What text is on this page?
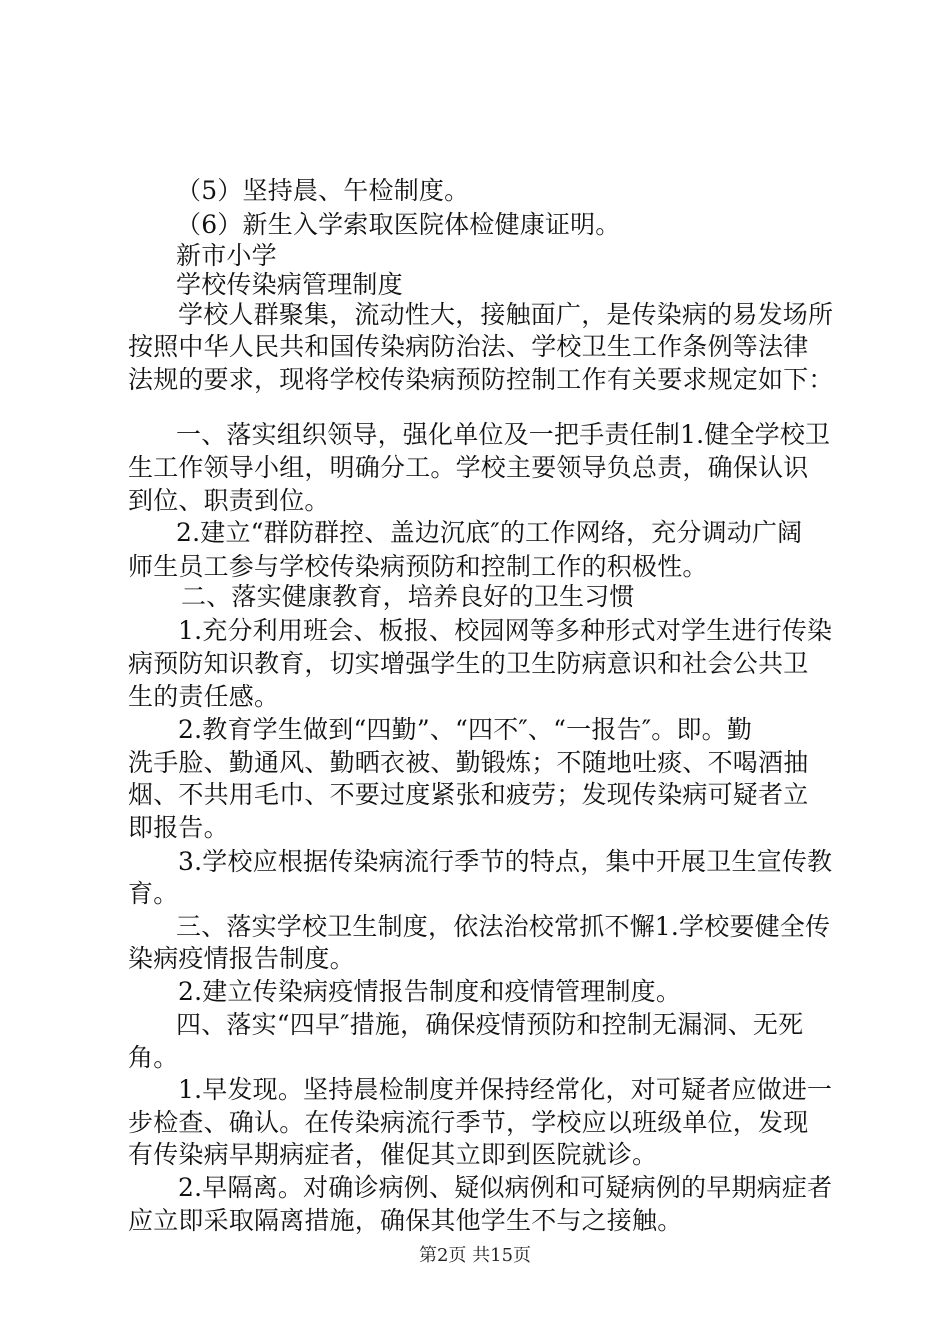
（5）坚持晨、午检制度。
（6）新生入学索取医院体检健康证明。
新市小学
学校传染病管理制度
学校人群聚集，流动性大，接触面广，是传染病的易发场所
按照中华人民共和国传染病防治法、学校卫生工作条例等法律
法规的要求，现将学校传染病预防控制工作有关要求规定如下：
一、落实组织领导，强化单位及一把手责任制1.健全学校卫
生工作领导小组，明确分工。学校主要领导负总责，确保认识
到位、职责到位。
2.建立“群防群控、盖边沉底″的工作网络，充分调动广阔
师生员工参与学校传染病预防和控制工作的积极性。
二、落实健康教育，培养良好的卫生习惯
1.充分利用班会、板报、校园网等多种形式对学生进行传染
病预防知识教育，切实增强学生的卫生防病意识和社会公共卫
生的责任感。
2.教育学生做到“四勤”、“四不″、“一报告″。即。勤
洗手脸、勤通风、勤晒衣被、勤锻炼；不随地吐痰、不喝酒抽
烟、不共用毛巾、不要过度紧张和疲劳；发现传染病可疑者立
即报告。
3.学校应根据传染病流行季节的特点，集中开展卫生宣传教
育。
三、落实学校卫生制度，依法治校常抓不懈1.学校要健全传
染病疫情报告制度。
2.建立传染病疫情报告制度和疫情管理制度。
四、落实“四早″措施，确保疫情预防和控制无漏洞、无死
角。
1.早发现。坚持晨检制度并保持经常化，对可疑者应做进一
步检查、确认。在传染病流行季节，学校应以班级单位，发现
有传染病早期病症者，催促其立即到医院就诊。
2.早隔离。对确诊病例、疑似病例和可疑病例的早期病症者
应立即采取隔离措施，确保其他学生不与之接触。
第2页 共15页
